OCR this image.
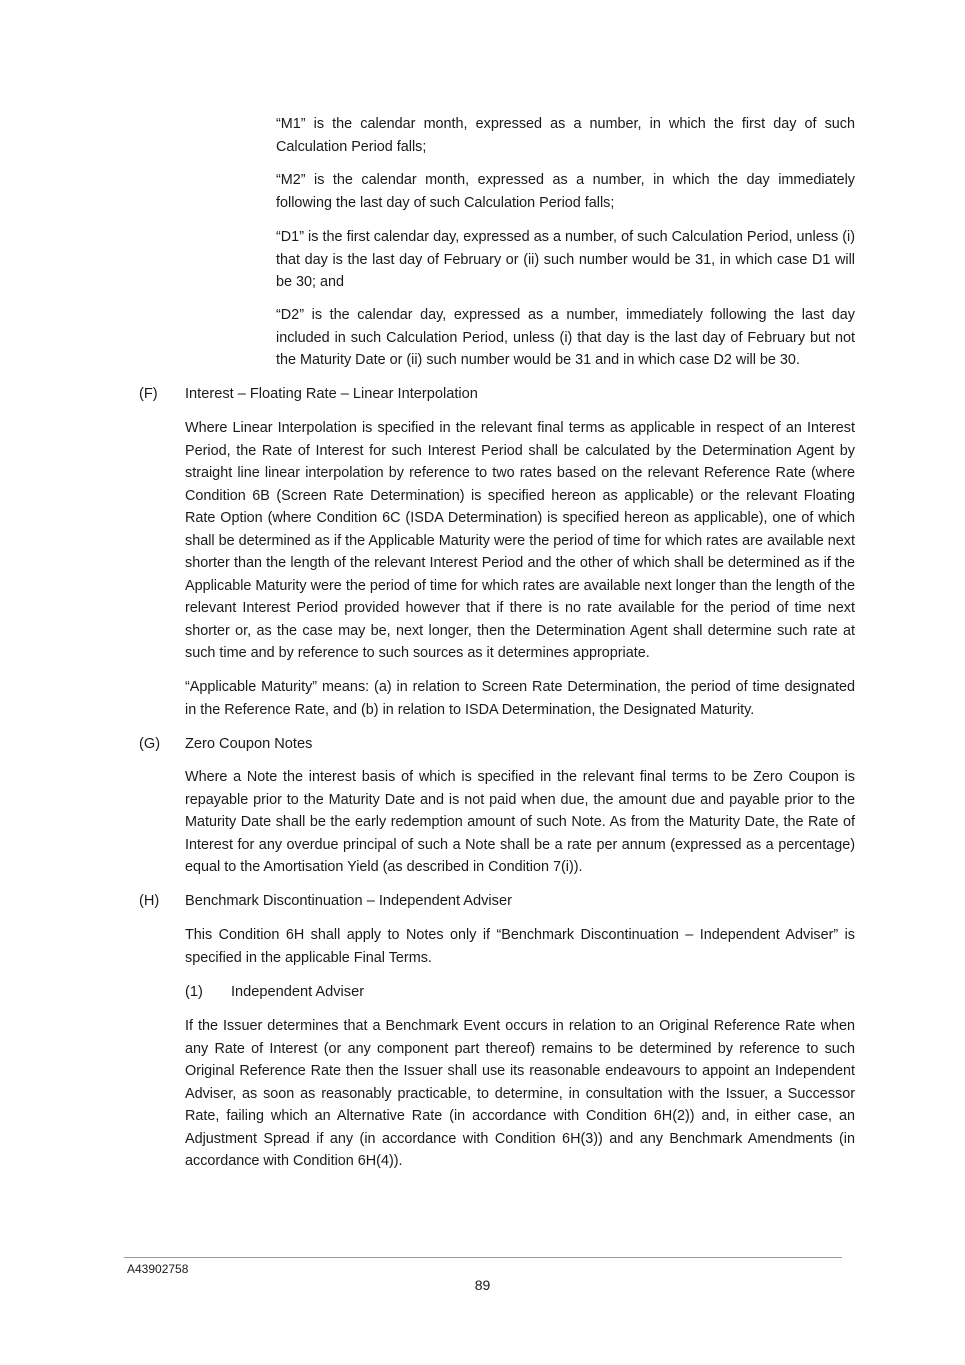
“M1” is the calendar month, expressed as a number, in which the first day of such Calculation Period falls;

“M2” is the calendar month, expressed as a number, in which the day immediately following the last day of such Calculation Period falls;

“D1” is the first calendar day, expressed as a number, of such Calculation Period, unless (i) that day is the last day of February or (ii) such number would be 31, in which case D1 will be 30; and

“D2” is the calendar day, expressed as a number, immediately following the last day included in such Calculation Period, unless (i) that day is the last day of February but not the Maturity Date or (ii) such number would be 31 and in which case D2 will be 30.

(F) Interest – Floating Rate – Linear Interpolation

Where Linear Interpolation is specified in the relevant final terms as applicable in respect of an Interest Period, the Rate of Interest for such Interest Period shall be calculated by the Determination Agent by straight line linear interpolation by reference to two rates based on the relevant Reference Rate (where Condition 6B (Screen Rate Determination) is specified hereon as applicable) or the relevant Floating Rate Option (where Condition 6C (ISDA Determination) is specified hereon as applicable), one of which shall be determined as if the Applicable Maturity were the period of time for which rates are available next shorter than the length of the relevant Interest Period and the other of which shall be determined as if the Applicable Maturity were the period of time for which rates are available next longer than the length of the relevant Interest Period provided however that if there is no rate available for the period of time next shorter or, as the case may be, next longer, then the Determination Agent shall determine such rate at such time and by reference to such sources as it determines appropriate.

“Applicable Maturity” means: (a) in relation to Screen Rate Determination, the period of time designated in the Reference Rate, and (b) in relation to ISDA Determination, the Designated Maturity.

(G) Zero Coupon Notes

Where a Note the interest basis of which is specified in the relevant final terms to be Zero Coupon is repayable prior to the Maturity Date and is not paid when due, the amount due and payable prior to the Maturity Date shall be the early redemption amount of such Note. As from the Maturity Date, the Rate of Interest for any overdue principal of such a Note shall be a rate per annum (expressed as a percentage) equal to the Amortisation Yield (as described in Condition 7(i)).

(H) Benchmark Discontinuation – Independent Adviser

This Condition 6H shall apply to Notes only if “Benchmark Discontinuation – Independent Adviser” is specified in the applicable Final Terms.

(1) Independent Adviser

If the Issuer determines that a Benchmark Event occurs in relation to an Original Reference Rate when any Rate of Interest (or any component part thereof) remains to be determined by reference to such Original Reference Rate then the Issuer shall use its reasonable endeavours to appoint an Independent Adviser, as soon as reasonably practicable, to determine, in consultation with the Issuer, a Successor Rate, failing which an Alternative Rate (in accordance with Condition 6H(2)) and, in either case, an Adjustment Spread if any (in accordance with Condition 6H(3)) and any Benchmark Amendments (in accordance with Condition 6H(4)).

A43902758
89
